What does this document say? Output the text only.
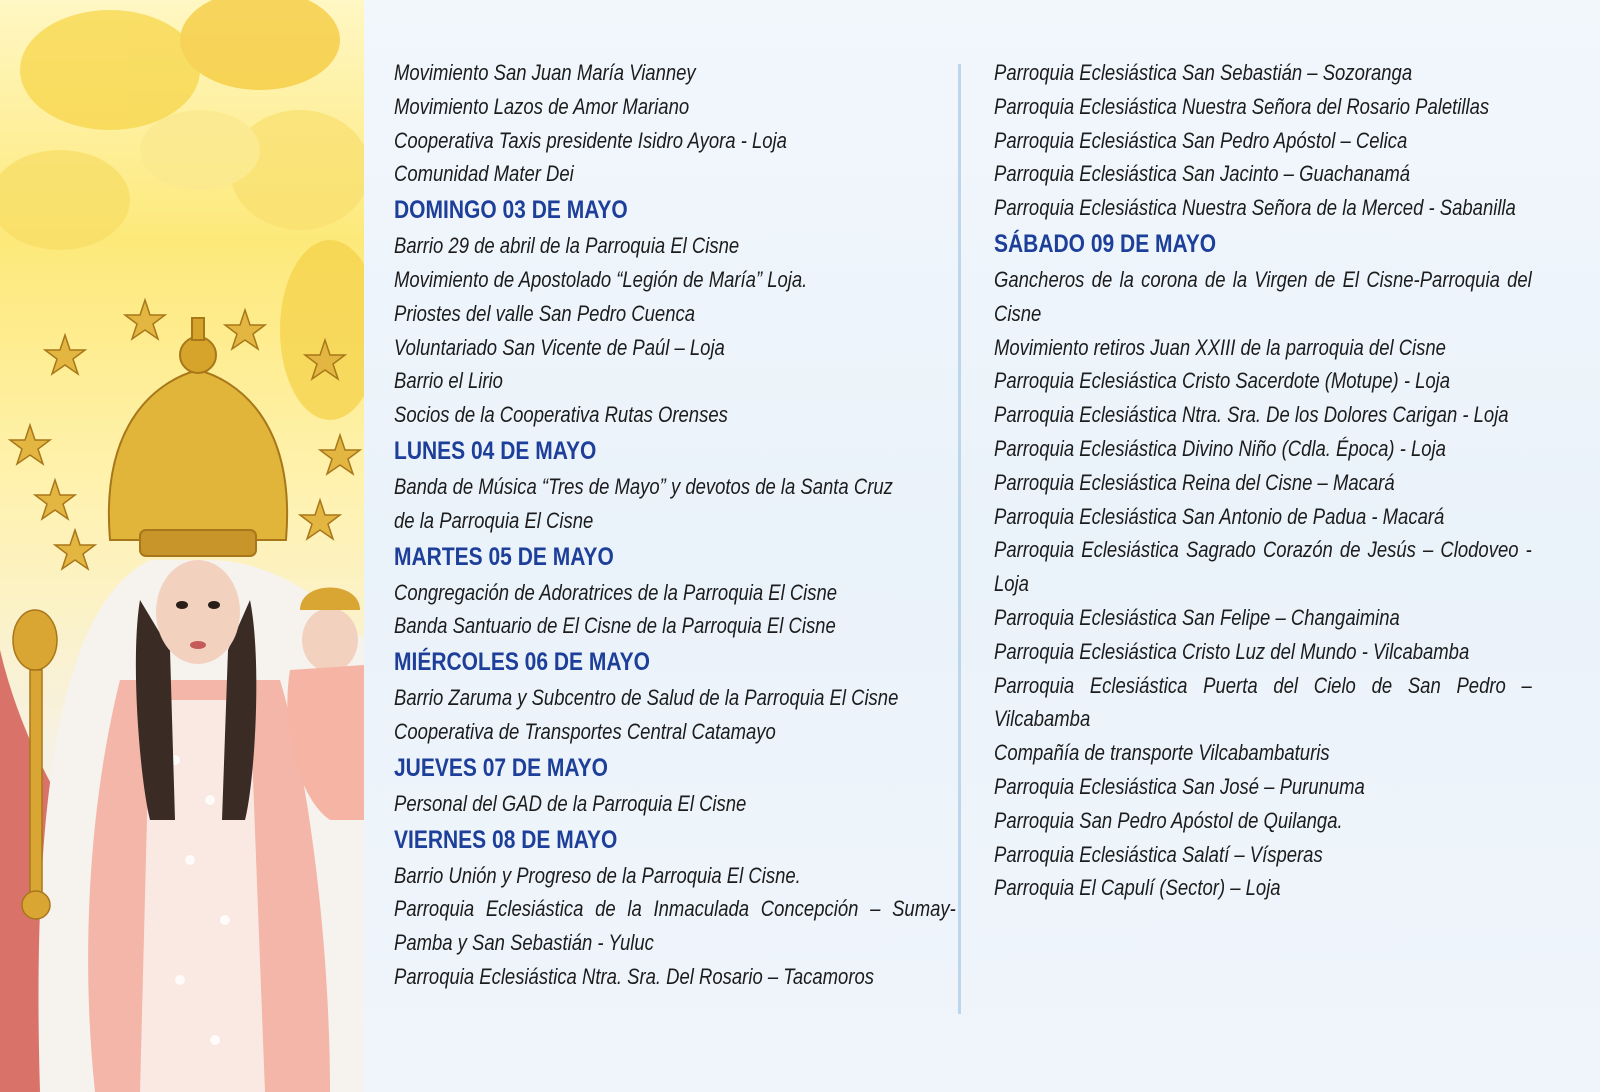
Movimiento San Juan María Vianney
Movimiento Lazos de Amor Mariano
Cooperativa Taxis presidente Isidro Ayora - Loja
Comunidad Mater Dei
DOMINGO 03 DE MAYO
Barrio 29 de abril de la Parroquia El Cisne
Movimiento de Apostolado “Legión de María” Loja.
Priostes del valle San Pedro Cuenca
Voluntariado San Vicente de Paúl – Loja
Barrio el Lirio
Socios de la Cooperativa Rutas Orenses
LUNES 04 DE MAYO
Banda de Música “Tres de Mayo” y devotos de la Santa Cruz
de la Parroquia El Cisne
MARTES 05 DE MAYO
Congregación de Adoratrices de la Parroquia El Cisne
Banda Santuario de El Cisne de la Parroquia El Cisne
MIÉRCOLES 06 DE MAYO
Barrio Zaruma y Subcentro de Salud de la Parroquia El Cisne
Cooperativa de Transportes Central Catamayo
JUEVES 07 DE MAYO
Personal del GAD de la Parroquia El Cisne
VIERNES 08 DE MAYO
Barrio Unión y Progreso de la Parroquia El Cisne.
Parroquia Eclesiástica de la Inmaculada Concepción – Sumay-Pamba y San Sebastián - Yuluc
Parroquia Eclesiástica Ntra. Sra. Del Rosario – Tacamoros
Parroquia Eclesiástica San Sebastián – Sozoranga
Parroquia Eclesiástica Nuestra Señora del Rosario Paletillas
Parroquia Eclesiástica San Pedro Apóstol – Celica
Parroquia Eclesiástica San Jacinto – Guachanamá
Parroquia Eclesiástica Nuestra Señora de la Merced - Sabanilla
SÁBADO 09 DE MAYO
Gancheros de la corona de la Virgen de El Cisne-Parroquia del Cisne
Movimiento retiros Juan XXIII de la parroquia del Cisne
Parroquia Eclesiástica Cristo Sacerdote (Motupe) - Loja
Parroquia Eclesiástica Ntra. Sra. De los Dolores Carigan - Loja
Parroquia Eclesiástica Divino Niño (Cdla. Época) - Loja
Parroquia Eclesiástica Reina del Cisne – Macará
Parroquia Eclesiástica San Antonio de Padua - Macará
Parroquia Eclesiástica Sagrado Corazón de Jesús – Clodoveo - Loja
Parroquia Eclesiástica San Felipe – Changaimina
Parroquia Eclesiástica Cristo Luz del Mundo - Vilcabamba
Parroquia Eclesiástica Puerta del Cielo de San Pedro – Vilcabamba
Compañía de transporte Vilcabambaturis
Parroquia Eclesiástica San José – Purunuma
Parroquia San Pedro Apóstol de Quilanga.
Parroquia Eclesiástica Salatí – Vísperas
Parroquia El Capulí (Sector) – Loja
